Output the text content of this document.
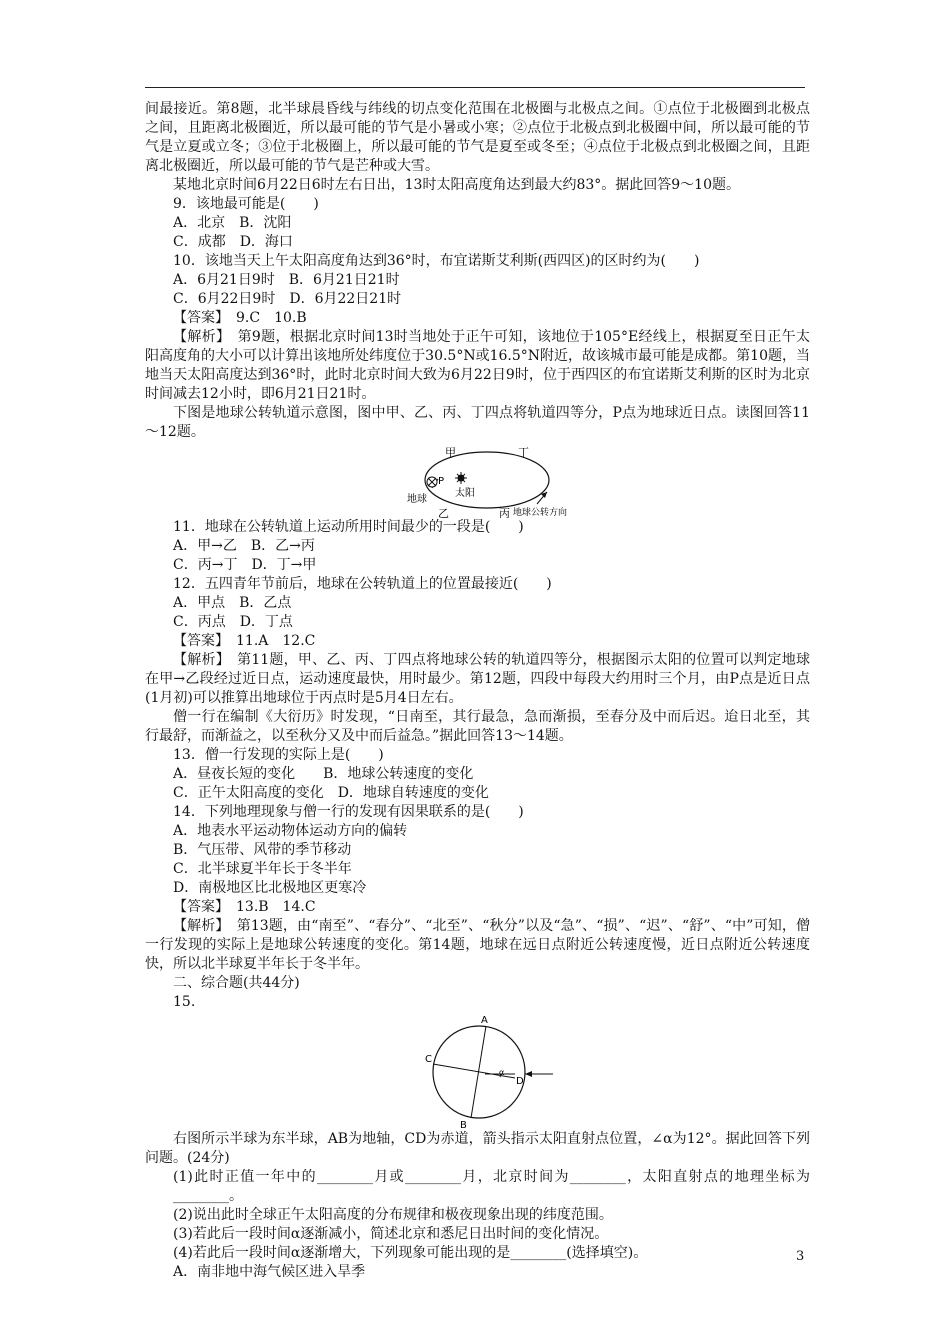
间最接近。第8题，北半球晨昏线与纬线的切点变化范围在北极圈与北极点之间。①点位于北极圈到北极点之间，且距离北极圈近，所以最可能的节气是小暑或小寒；②点位于北极点到北极圈中间，所以最可能的节气是立夏或立冬；③位于北极圈上，所以最可能的节气是夏至或冬至；④点位于北极点到北极圈之间，且距离北极圈近，所以最可能的节气是芒种或大雪。

某地北京时间6月22日6时左右日出，13时太阳高度角达到最大约83°。据此回答9～10题。

9．该地最可能是(　　)

A．北京　B．沈阳

C．成都　D．海口

10．该地当天上午太阳高度角达到36°时，布宜诺斯艾利斯(西四区)的区时约为(　　)

A．6月21日9时　B．6月21日21时

C．6月22日9时　D．6月22日21时

【答案】　9.C　10.B

【解析】　第9题，根据北京时间13时当地处于正午可知，该地位于105°E经线上，根据夏至日正午太阳高度角的大小可以计算出该地所处纬度位于30.5°N或16.5°N附近，故该城市最可能是成都。第10题，当地当天太阳高度达到36°时，此时北京时间大致为6月22日9时，位于西四区的布宜诺斯艾利斯的区时为北京时间减去12小时，即6月21日21时。

下图是地球公转轨道示意图，图中甲、乙、丙、丁四点将轨道四等分，P点为地球近日点。读图回答11～12题。

甲	丁
乙	丙
P
地球
太阳
地球公转方向

11．地球在公转轨道上运动所用时间最少的一段是(　　)

A．甲→乙　B．乙→丙

C．丙→丁　D．丁→甲

12．五四青年节前后，地球在公转轨道上的位置最接近(　　)

A．甲点　B．乙点

C．丙点　D．丁点

【答案】　11.A　12.C

【解析】　第11题，甲、乙、丙、丁四点将地球公转的轨道四等分，根据图示太阳的位置可以判定地球在甲→乙段经过近日点，运动速度最快，用时最少。第12题，四段中每段大约用时三个月，由P点是近日点(1月初)可以推算出地球位于丙点时是5月4日左右。

僧一行在编制《大衍历》时发现，“日南至，其行最急，急而渐损，至春分及中而后迟。迨日北至，其行最舒，而渐益之，以至秋分又及中而后益急。”据此回答13～14题。

13．僧一行发现的实际上是(　　)

A．昼夜长短的变化　　B．地球公转速度的变化

C．正午太阳高度的变化　D．地球自转速度的变化

14．下列地理现象与僧一行的发现有因果联系的是(　　)

A．地表水平运动物体运动方向的偏转

B．气压带、风带的季节移动

C．北半球夏半年长于冬半年

D．南极地区比北极地区更寒冷

【答案】　13.B　14.C

【解析】　第13题，由“南至”、“春分”、“北至”、“秋分”以及“急”、“损”、“迟”、“舒”、“中”可知，僧一行发现的实际上是地球公转速度的变化。第14题，地球在远日点附近公转速度慢，近日点附近公转速度快，所以北半球夏半年长于冬半年。

二、综合题(共44分)

15.

A
B
C
D
α

右图所示半球为东半球，AB为地轴，CD为赤道，箭头指示太阳直射点位置，∠α为12°。据此回答下列问题。(24分)

(1)此时正值一年中的________月或________月，北京时间为________，太阳直射点的地理坐标为________。

(2)说出此时全球正午太阳高度的分布规律和极夜现象出现的纬度范围。

(3)若此后一段时间α逐渐减小，简述北京和悉尼日出时间的变化情况。

(4)若此后一段时间α逐渐增大，下列现象可能出现的是________(选择填空)。

A．南非地中海气候区进入旱季

3
